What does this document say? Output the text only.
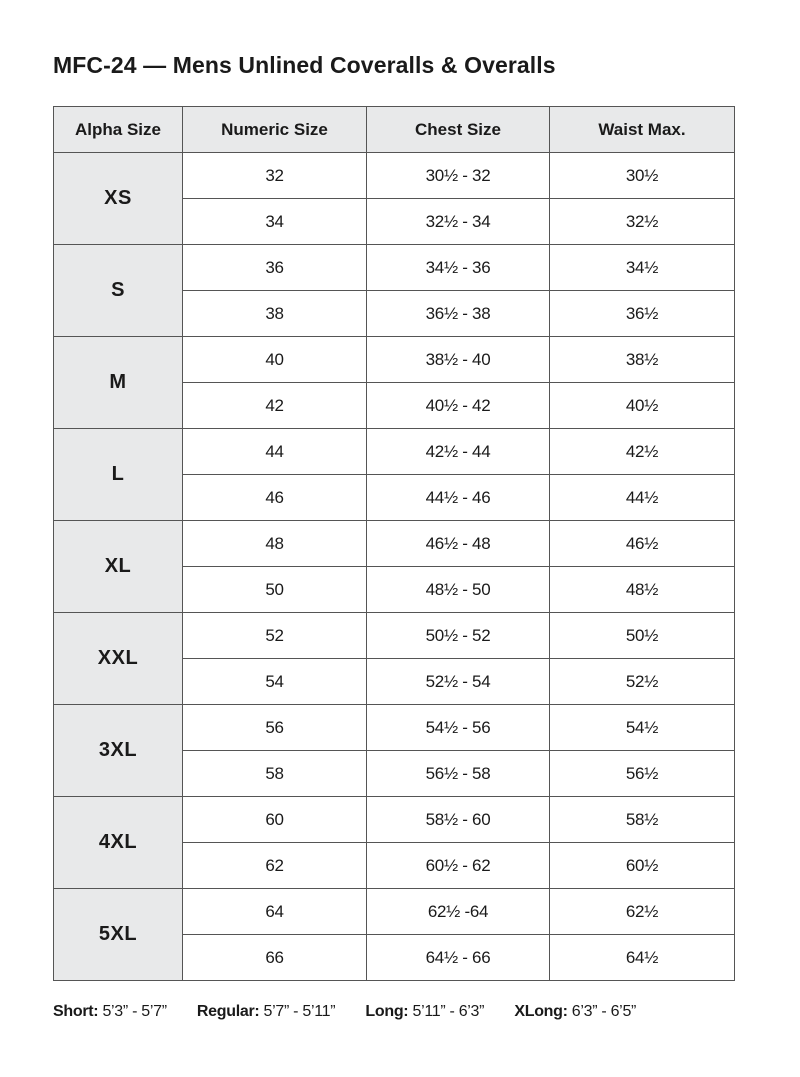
MFC-24 — Mens Unlined Coveralls & Overalls
Alpha Size	Numeric Size	Chest Size	Waist Max.
XS	32	30½ - 32	30½
	34	32½ - 34	32½
S	36	34½ - 36	34½
	38	36½ - 38	36½
M	40	38½ - 40	38½
	42	40½ - 42	40½
L	44	42½ - 44	42½
	46	44½ - 46	44½
XL	48	46½ - 48	46½
	50	48½ - 50	48½
XXL	52	50½ - 52	50½
	54	52½ - 54	52½
3XL	56	54½ - 56	54½
	58	56½ - 58	56½
4XL	60	58½ - 60	58½
	62	60½ - 62	60½
5XL	64	62½ -64	62½
	66	64½ - 66	64½
Short: 5’3” - 5’7” Regular: 5’7” - 5’11” Long: 5’11” - 6’3” XLong: 6’3” - 6’5”
